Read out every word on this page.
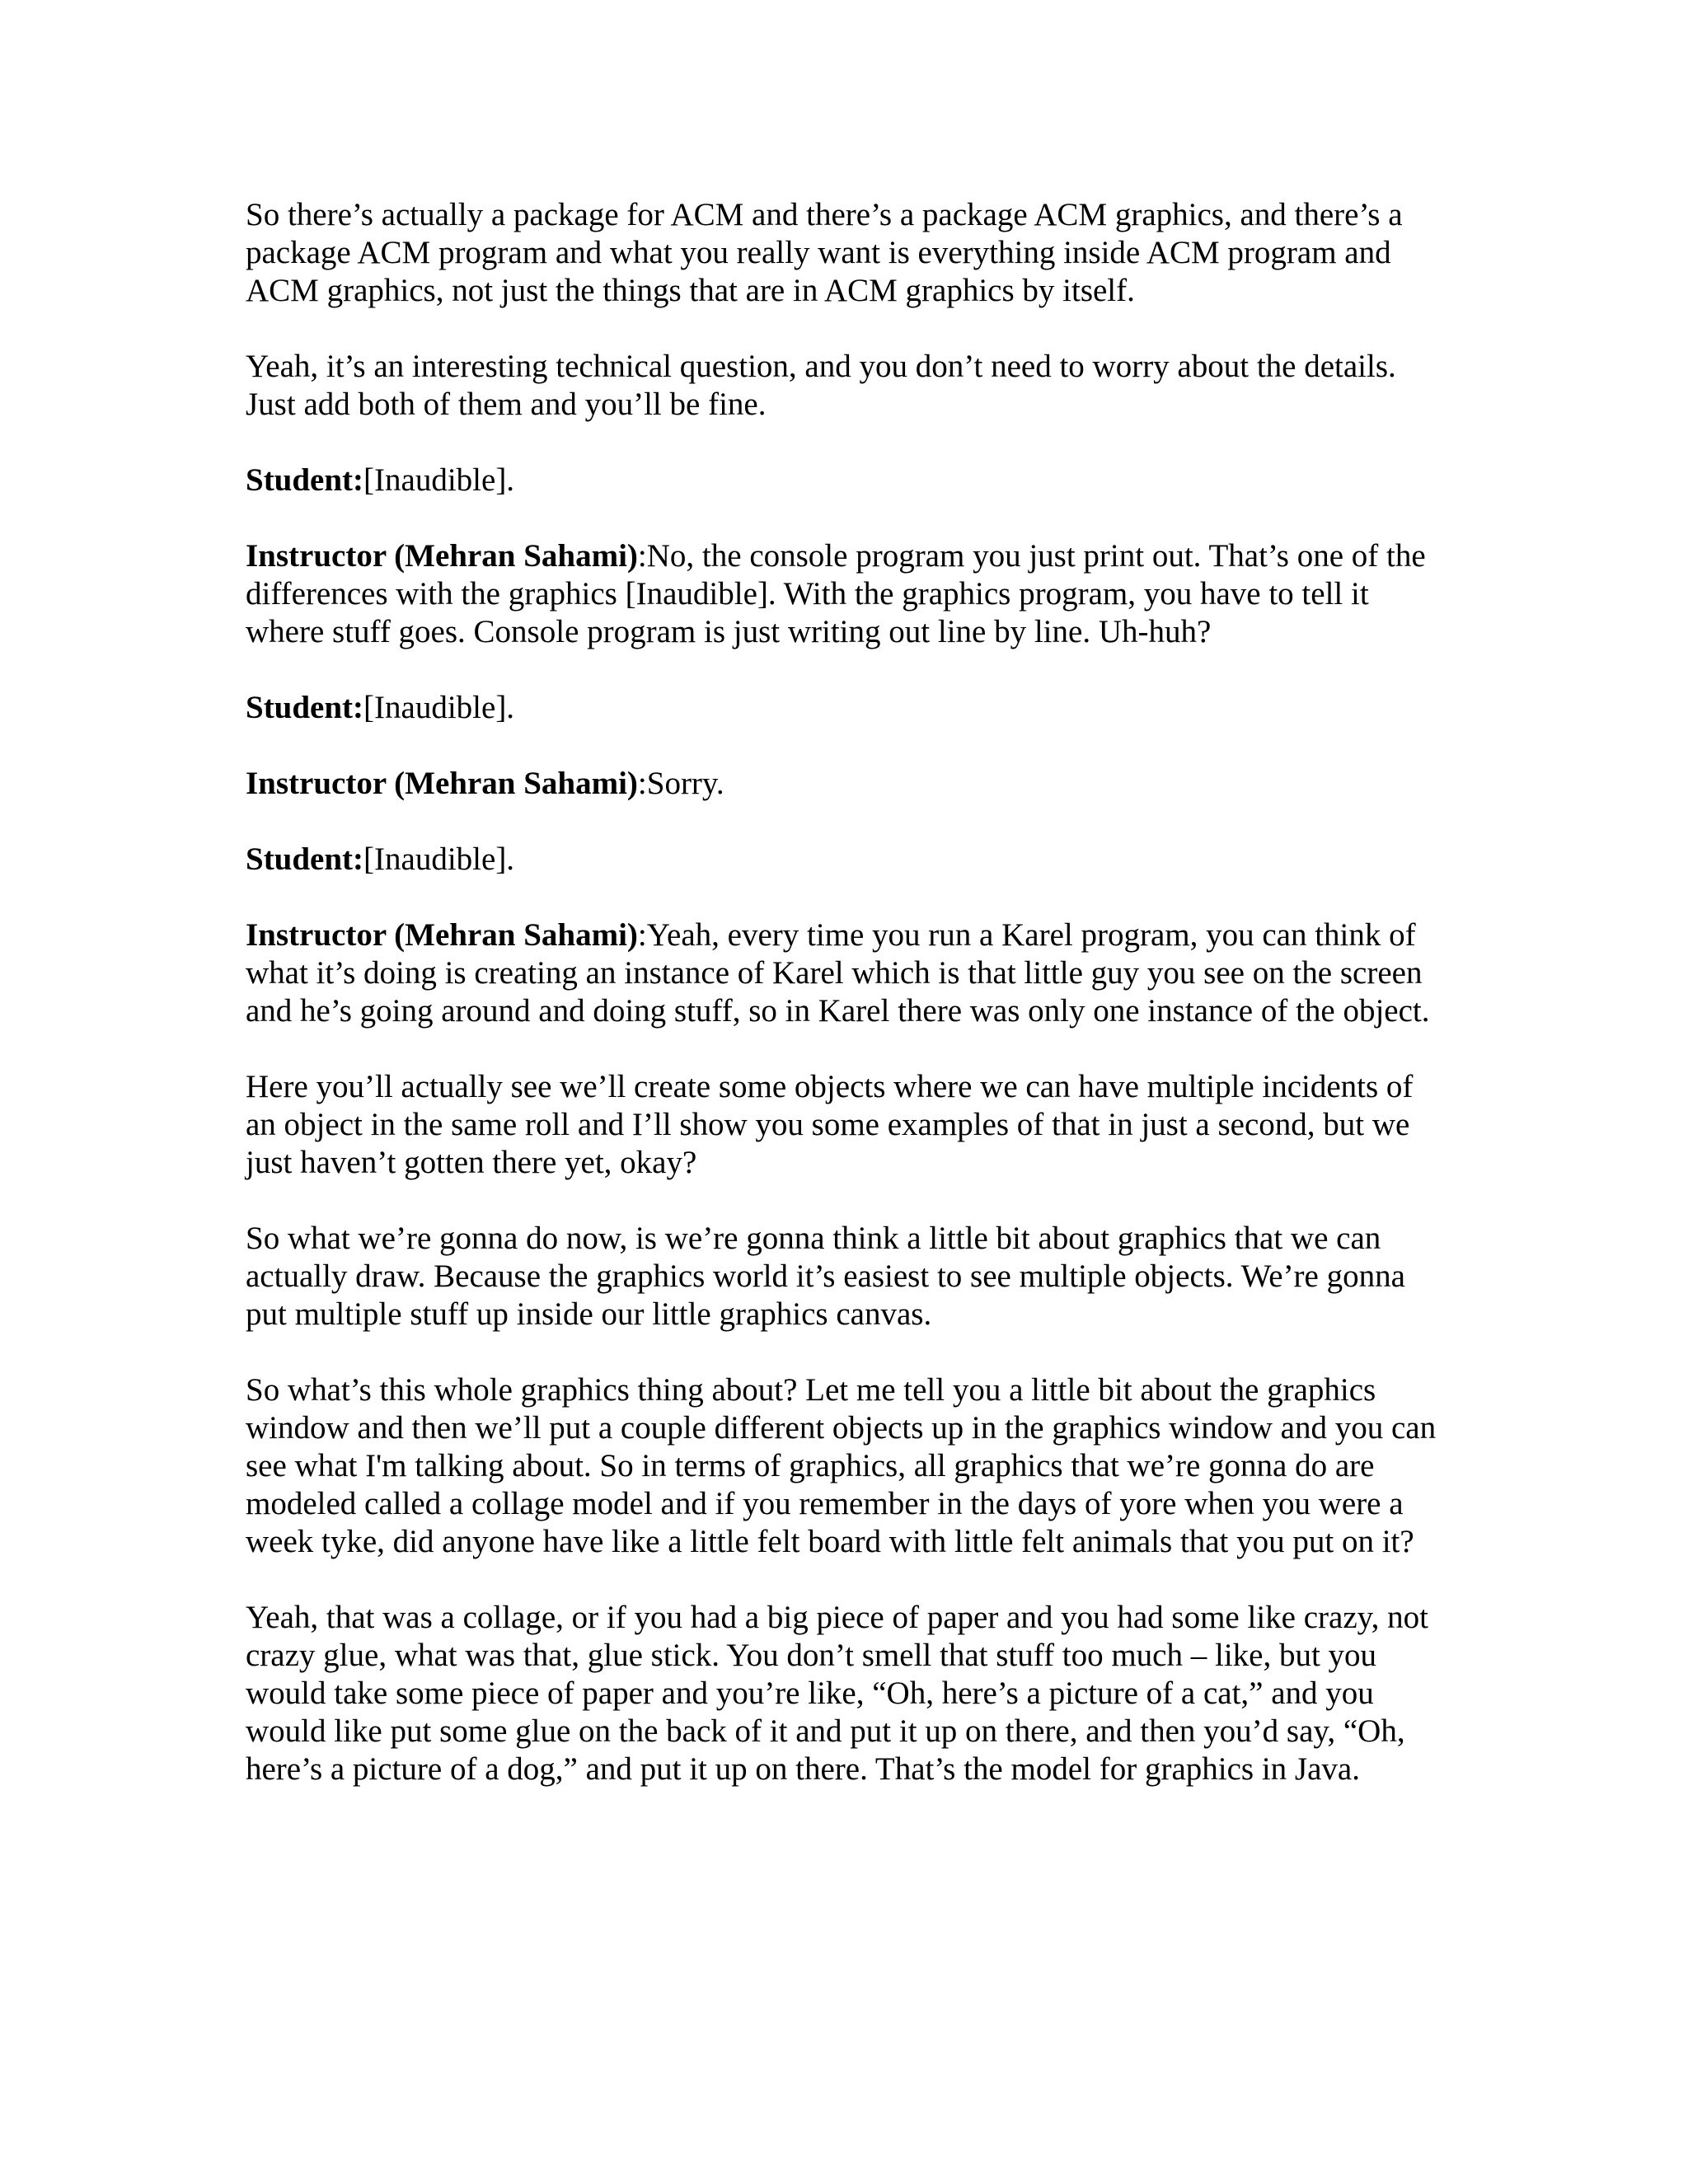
So there’s actually a package for ACM and there’s a package ACM graphics, and there’s a package ACM program and what you really want is everything inside ACM program and ACM graphics, not just the things that are in ACM graphics by itself.

Yeah, it’s an interesting technical question, and you don’t need to worry about the details. Just add both of them and you’ll be fine.

Student:[Inaudible].

Instructor (Mehran Sahami):No, the console program you just print out. That’s one of the differences with the graphics [Inaudible]. With the graphics program, you have to tell it where stuff goes. Console program is just writing out line by line. Uh-huh?

Student:[Inaudible].

Instructor (Mehran Sahami):Sorry.

Student:[Inaudible].

Instructor (Mehran Sahami):Yeah, every time you run a Karel program, you can think of what it’s doing is creating an instance of Karel which is that little guy you see on the screen and he’s going around and doing stuff, so in Karel there was only one instance of the object.

Here you’ll actually see we’ll create some objects where we can have multiple incidents of an object in the same roll and I’ll show you some examples of that in just a second, but we just haven’t gotten there yet, okay?

So what we’re gonna do now, is we’re gonna think a little bit about graphics that we can actually draw. Because the graphics world it’s easiest to see multiple objects. We’re gonna put multiple stuff up inside our little graphics canvas.

So what’s this whole graphics thing about? Let me tell you a little bit about the graphics window and then we’ll put a couple different objects up in the graphics window and you can see what I'm talking about. So in terms of graphics, all graphics that we’re gonna do are modeled called a collage model and if you remember in the days of yore when you were a week tyke, did anyone have like a little felt board with little felt animals that you put on it?

Yeah, that was a collage, or if you had a big piece of paper and you had some like crazy, not crazy glue, what was that, glue stick. You don’t smell that stuff too much – like, but you would take some piece of paper and you’re like, “Oh, here’s a picture of a cat,” and you would like put some glue on the back of it and put it up on there, and then you’d say, “Oh, here’s a picture of a dog,” and put it up on there. That’s the model for graphics in Java.
